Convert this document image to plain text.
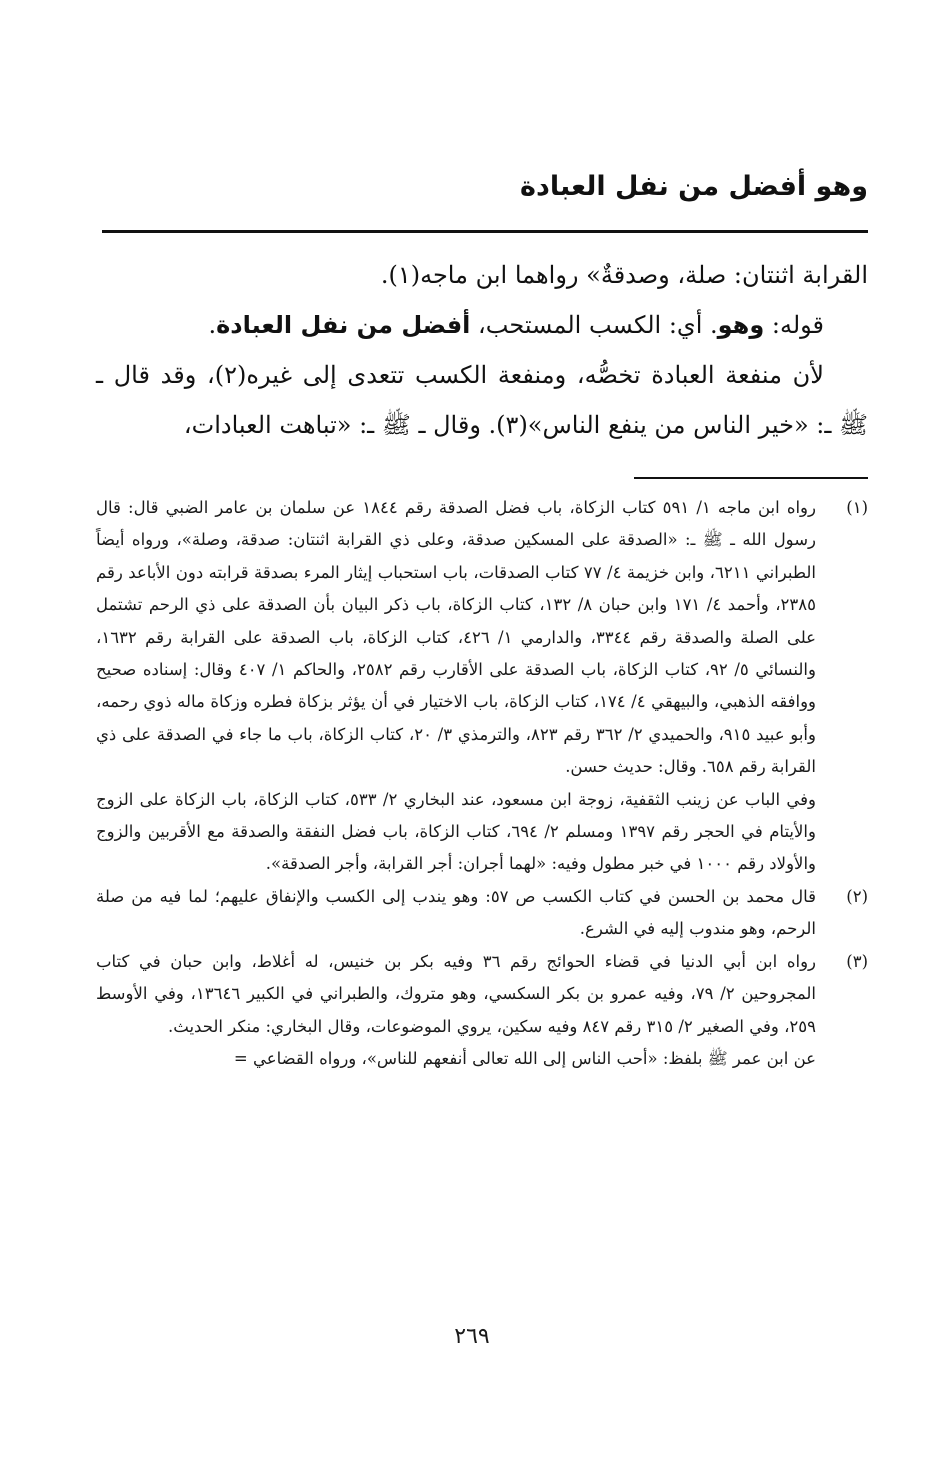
وهو أفضل من نفل العبادة

القرابة اثنتان: صلة، وصدقةٌ» رواهما ابن ماجه(١).

قوله: وهو. أي: الكسب المستحب، أفضل من نفل العبادة.

لأن منفعة العبادة تخصُّه، ومنفعة الكسب تتعدى إلى غيره(٢)، وقد قال ـ ﷺ ـ: «خير الناس من ينفع الناس»(٣). وقال ـ ﷺ ـ: «تباهت العبادات،

(١)

رواه ابن ماجه ١/ ٥٩١ كتاب الزكاة، باب فضل الصدقة رقم ١٨٤٤ عن سلمان بن عامر الضبي قال: قال رسول الله ـ ﷺ ـ: «الصدقة على المسكين صدقة، وعلى ذي القرابة اثنتان: صدقة، وصلة»، ورواه أيضاً الطبراني ٦٢١١، وابن خزيمة ٤/ ٧٧ كتاب الصدقات، باب استحباب إيثار المرء بصدقة قرابته دون الأباعد رقم ٢٣٨٥، وأحمد ٤/ ١٧١ وابن حبان ٨/ ١٣٢، كتاب الزكاة، باب ذكر البيان بأن الصدقة على ذي الرحم تشتمل على الصلة والصدقة رقم ٣٣٤٤، والدارمي ١/ ٤٢٦، كتاب الزكاة، باب الصدقة على القرابة رقم ١٦٣٢، والنسائي ٥/ ٩٢، كتاب الزكاة، باب الصدقة على الأقارب رقم ٢٥٨٢، والحاكم ١/ ٤٠٧ وقال: إسناده صحيح ووافقه الذهبي، والبيهقي ٤/ ١٧٤، كتاب الزكاة، باب الاختيار في أن يؤثر بزكاة فطره وزكاة ماله ذوي رحمه، وأبو عبيد ٩١٥، والحميدي ٢/ ٣٦٢ رقم ٨٢٣، والترمذي ٣/ ٢٠، كتاب الزكاة، باب ما جاء في الصدقة على ذي القرابة رقم ٦٥٨. وقال: حديث حسن.

وفي الباب عن زينب الثقفية، زوجة ابن مسعود، عند البخاري ٢/ ٥٣٣، كتاب الزكاة، باب الزكاة على الزوج والأيتام في الحجر رقم ١٣٩٧ ومسلم ٢/ ٦٩٤، كتاب الزكاة، باب فضل النفقة والصدقة مع الأقربين والزوج والأولاد رقم ١٠٠٠ في خبر مطول وفيه: «لهما أجران: أجر القرابة، وأجر الصدقة».

(٢)

قال محمد بن الحسن في كتاب الكسب ص ٥٧: وهو يندب إلى الكسب والإنفاق عليهم؛ لما فيه من صلة الرحم، وهو مندوب إليه في الشرع.

(٣)

رواه ابن أبي الدنيا في قضاء الحوائج رقم ٣٦ وفيه بكر بن خنيس، له أغلاط، وابن حبان في كتاب المجروحين ٢/ ٧٩، وفيه عمرو بن بكر السكسي، وهو متروك، والطبراني في الكبير ١٣٦٤٦، وفي الأوسط ٢٥٩، وفي الصغير ٢/ ٣١٥ رقم ٨٤٧ وفيه سكين، يروي الموضوعات، وقال البخاري: منكر الحديث.

عن ابن عمر ﷺ بلفظ: «أحب الناس إلى الله تعالى أنفعهم للناس»، ورواه القضاعي =

٢٦٩
